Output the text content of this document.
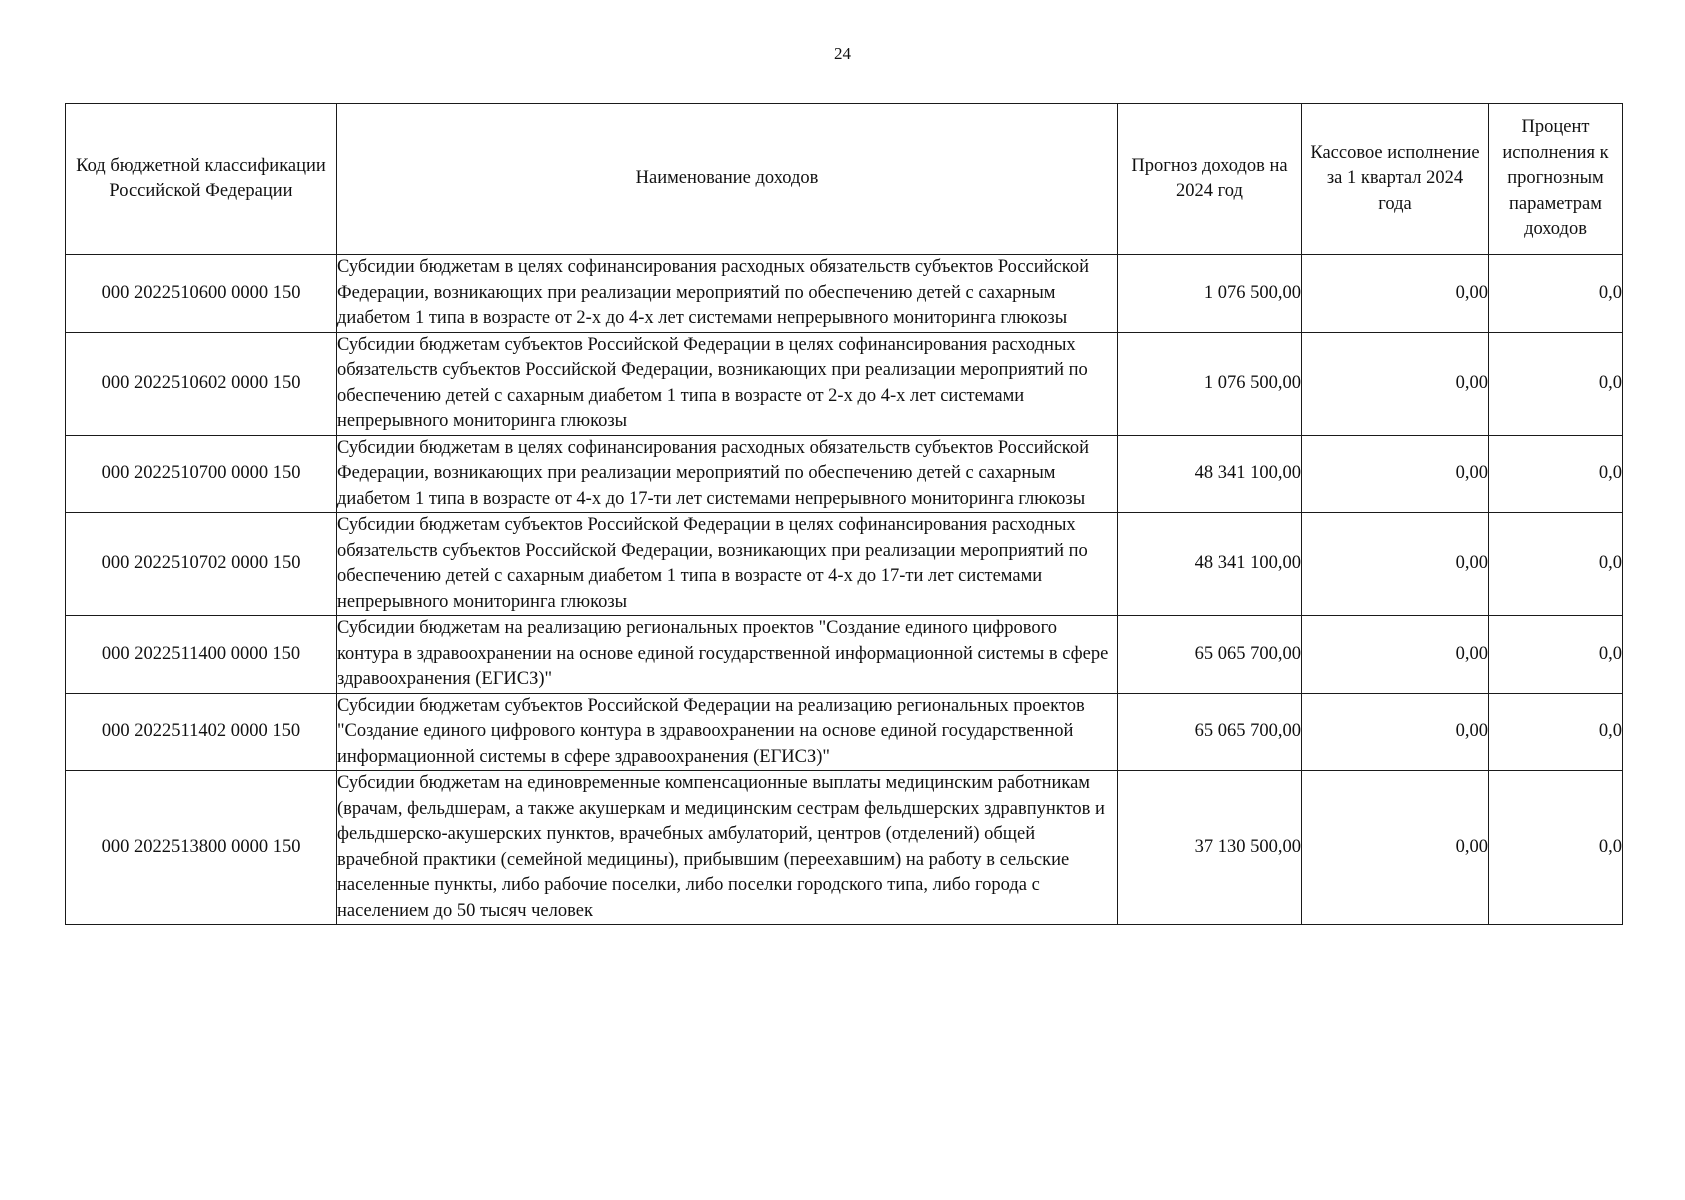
24
Код бюджетной классификации Российской Федерации	Наименование доходов	Прогноз доходов на 2024 год	Кассовое исполнение за 1 квартал 2024 года	Процент исполнения к прогнозным параметрам доходов
000 2022510600 0000 150	Субсидии бюджетам в целях софинансирования расходных обязательств субъектов Российской Федерации, возникающих при реализации мероприятий по обеспечению детей с сахарным диабетом 1 типа в возрасте от 2-х до 4-х лет системами непрерывного мониторинга глюкозы	1 076 500,00	0,00	0,0
000 2022510602 0000 150	Субсидии бюджетам субъектов Российской Федерации в целях софинансирования расходных обязательств субъектов Российской Федерации, возникающих при реализации мероприятий по обеспечению детей с сахарным диабетом 1 типа в возрасте от 2-х до 4-х лет системами непрерывного мониторинга глюкозы	1 076 500,00	0,00	0,0
000 2022510700 0000 150	Субсидии бюджетам в целях софинансирования расходных обязательств субъектов Российской Федерации, возникающих при реализации мероприятий по обеспечению детей с сахарным диабетом 1 типа в возрасте от 4-х до 17-ти лет системами непрерывного мониторинга глюкозы	48 341 100,00	0,00	0,0
000 2022510702 0000 150	Субсидии бюджетам субъектов Российской Федерации в целях софинансирования расходных обязательств субъектов Российской Федерации, возникающих при реализации мероприятий по обеспечению детей с сахарным диабетом 1 типа в возрасте от 4-х до 17-ти лет системами непрерывного мониторинга глюкозы	48 341 100,00	0,00	0,0
000 2022511400 0000 150	Субсидии бюджетам на реализацию региональных проектов "Создание единого цифрового контура в здравоохранении на основе единой государственной информационной системы в сфере здравоохранения (ЕГИСЗ)"	65 065 700,00	0,00	0,0
000 2022511402 0000 150	Субсидии бюджетам субъектов Российской Федерации на реализацию региональных проектов "Создание единого цифрового контура в здравоохранении на основе единой государственной информационной системы в сфере здравоохранения (ЕГИСЗ)"	65 065 700,00	0,00	0,0
000 2022513800 0000 150	Субсидии бюджетам на единовременные компенсационные выплаты медицинским работникам (врачам, фельдшерам, а также акушеркам и медицинским сестрам фельдшерских здравпунктов и фельдшерско-акушерских пунктов, врачебных амбулаторий, центров (отделений) общей врачебной практики (семейной медицины), прибывшим (переехавшим) на работу в сельские населенные пункты, либо рабочие поселки, либо поселки городского типа, либо города с населением до 50 тысяч человек	37 130 500,00	0,00	0,0
